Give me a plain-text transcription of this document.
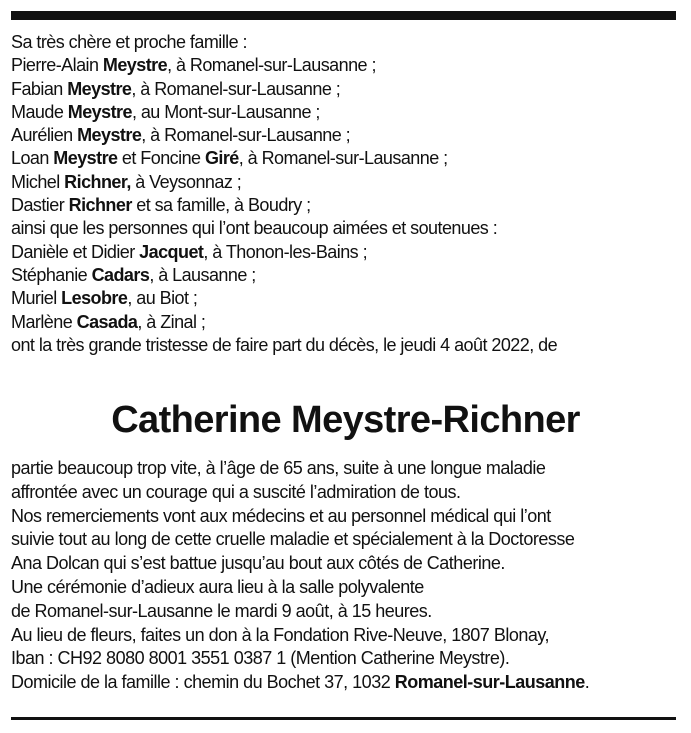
Sa très chère et proche famille :
Pierre-Alain Meystre, à Romanel-sur-Lausanne ;
Fabian Meystre, à Romanel-sur-Lausanne ;
Maude Meystre, au Mont-sur-Lausanne ;
Aurélien Meystre, à Romanel-sur-Lausanne ;
Loan Meystre et Foncine Giré, à Romanel-sur-Lausanne ;
Michel Richner, à Veysonnaz ;
Dastier Richner et sa famille, à Boudry ;
ainsi que les personnes qui l’ont beaucoup aimées et soutenues :
Danièle et Didier Jacquet, à Thonon-les-Bains ;
Stéphanie Cadars, à Lausanne ;
Muriel Lesobre, au Biot ;
Marlène Casada, à Zinal ;
ont la très grande tristesse de faire part du décès, le jeudi 4 août 2022, de
Catherine Meystre-Richner
partie beaucoup trop vite, à l’âge de 65 ans, suite à une longue maladie
affrontée avec un courage qui a suscité l’admiration de tous.
Nos remerciements vont aux médecins et au personnel médical qui l’ont
suivie tout au long de cette cruelle maladie et spécialement à la Doctoresse
Ana Dolcan qui s’est battue jusqu’au bout aux côtés de Catherine.
Une cérémonie d’adieux aura lieu à la salle polyvalente
de Romanel-sur-Lausanne le mardi 9 août, à 15 heures.
Au lieu de fleurs, faites un don à la Fondation Rive-Neuve, 1807 Blonay,
Iban : CH92 8080 8001 3551 0387 1 (Mention Catherine Meystre).
Domicile de la famille : chemin du Bochet 37, 1032 Romanel-sur-Lausanne.
